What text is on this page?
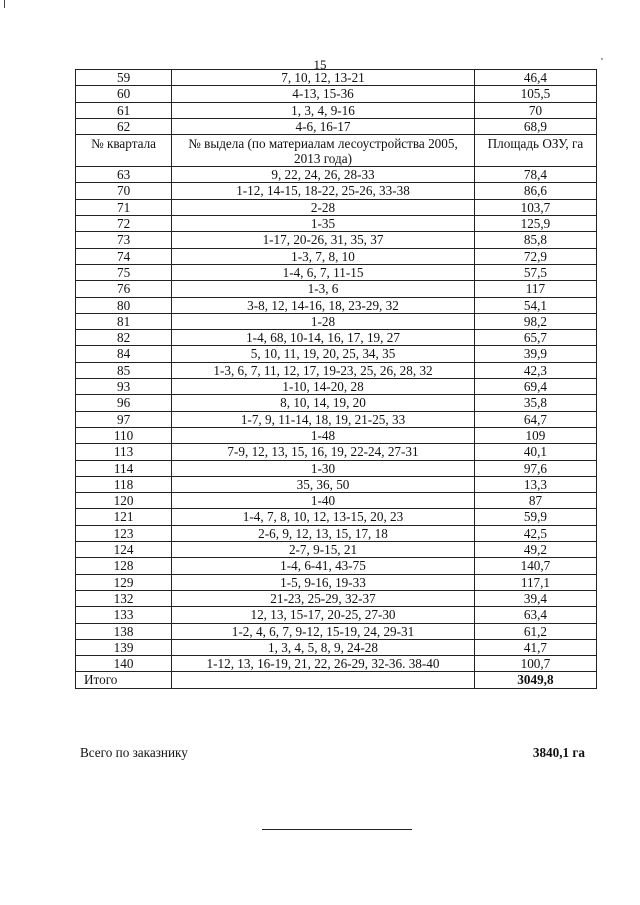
15
59	7, 10, 12, 13-21	46,4
60	4-13, 15-36	105,5
61	1, 3, 4, 9-16	70
62	4-6, 16-17	68,9
№ квартала	№ выдела (по материалам лесоустройства 2005, 2013 года)	Площадь ОЗУ, га
63	9, 22, 24, 26, 28-33	78,4
70	1-12, 14-15, 18-22, 25-26, 33-38	86,6
71	2-28	103,7
72	1-35	125,9
73	1-17, 20-26, 31, 35, 37	85,8
74	1-3, 7, 8, 10	72,9
75	1-4, 6, 7, 11-15	57,5
76	1-3, 6	117
80	3-8, 12, 14-16, 18, 23-29, 32	54,1
81	1-28	98,2
82	1-4, 68, 10-14, 16, 17, 19, 27	65,7
84	5, 10, 11, 19, 20, 25, 34, 35	39,9
85	1-3, 6, 7, 11, 12, 17, 19-23, 25, 26, 28, 32	42,3
93	1-10, 14-20, 28	69,4
96	8, 10, 14, 19, 20	35,8
97	1-7, 9, 11-14, 18, 19, 21-25, 33	64,7
110	1-48	109
113	7-9, 12, 13, 15, 16, 19, 22-24, 27-31	40,1
114	1-30	97,6
118	35, 36, 50	13,3
120	1-40	87
121	1-4, 7, 8, 10, 12, 13-15, 20, 23	59,9
123	2-6, 9, 12, 13, 15, 17, 18	42,5
124	2-7, 9-15, 21	49,2
128	1-4, 6-41, 43-75	140,7
129	1-5, 9-16, 19-33	117,1
132	21-23, 25-29, 32-37	39,4
133	12, 13, 15-17, 20-25, 27-30	63,4
138	1-2, 4, 6, 7, 9-12, 15-19, 24, 29-31	61,2
139	1, 3, 4, 5, 8, 9, 24-28	41,7
140	1-12, 13, 16-19, 21, 22, 26-29, 32-36. 38-40	100,7
Итого		3049,8
Всего по заказнику	3840,1 га
